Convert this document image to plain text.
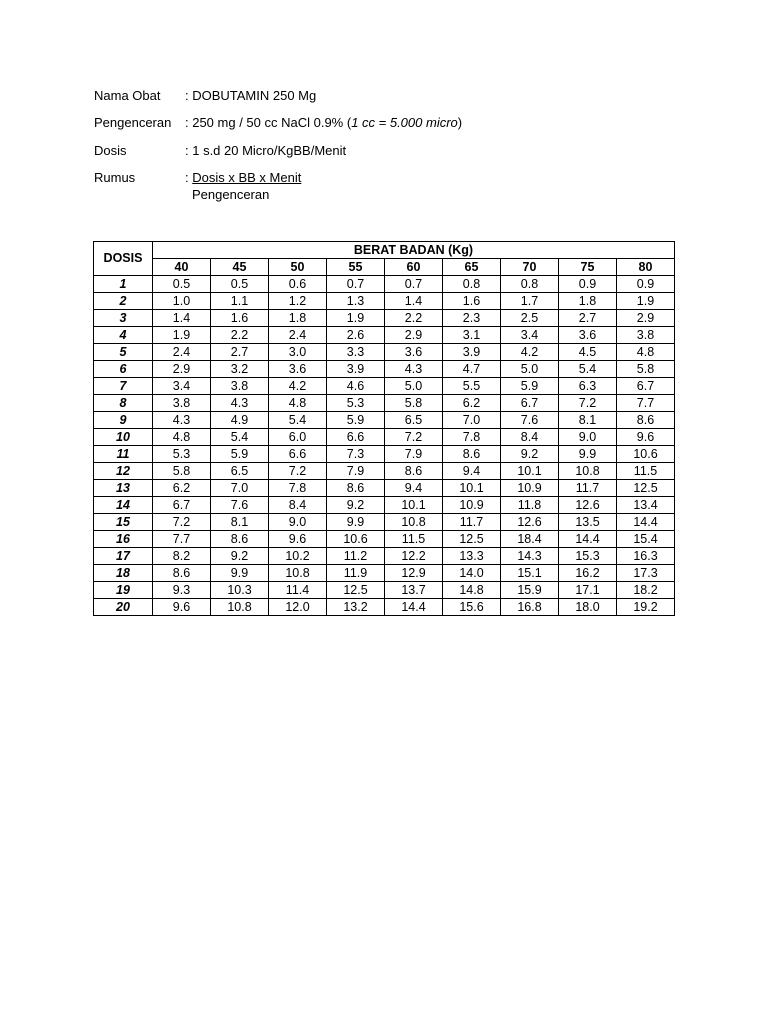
Nama Obat : DOBUTAMIN 250 Mg
Pengenceran : 250 mg / 50 cc NaCl 0.9% (1 cc = 5.000 micro)
Dosis	: 1 s.d 20 Micro/KgBB/Menit
Rumus	: Dosis x BB x Menit
Pengenceran
DOSIS	BERAT BADAN (Kg)								
	40	45	50	55	60	65	70	75	80
1	0.5	0.5	0.6	0.7	0.7	0.8	0.8	0.9	0.9
2	1.0	1.1	1.2	1.3	1.4	1.6	1.7	1.8	1.9
3	1.4	1.6	1.8	1.9	2.2	2.3	2.5	2.7	2.9
4	1.9	2.2	2.4	2.6	2.9	3.1	3.4	3.6	3.8
5	2.4	2.7	3.0	3.3	3.6	3.9	4.2	4.5	4.8
6	2.9	3.2	3.6	3.9	4.3	4.7	5.0	5.4	5.8
7	3.4	3.8	4.2	4.6	5.0	5.5	5.9	6.3	6.7
8	3.8	4.3	4.8	5.3	5.8	6.2	6.7	7.2	7.7
9	4.3	4.9	5.4	5.9	6.5	7.0	7.6	8.1	8.6
10	4.8	5.4	6.0	6.6	7.2	7.8	8.4	9.0	9.6
11	5.3	5.9	6.6	7.3	7.9	8.6	9.2	9.9	10.6
12	5.8	6.5	7.2	7.9	8.6	9.4	10.1	10.8	11.5
13	6.2	7.0	7.8	8.6	9.4	10.1	10.9	11.7	12.5
14	6.7	7.6	8.4	9.2	10.1	10.9	11.8	12.6	13.4
15	7.2	8.1	9.0	9.9	10.8	11.7	12.6	13.5	14.4
16	7.7	8.6	9.6	10.6	11.5	12.5	18.4	14.4	15.4
17	8.2	9.2	10.2	11.2	12.2	13.3	14.3	15.3	16.3
18	8.6	9.9	10.8	11.9	12.9	14.0	15.1	16.2	17.3
19	9.3	10.3	11.4	12.5	13.7	14.8	15.9	17.1	18.2
20	9.6	10.8	12.0	13.2	14.4	15.6	16.8	18.0	19.2
